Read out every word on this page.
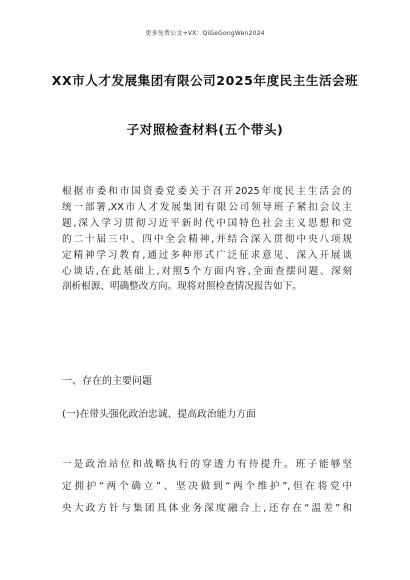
更多免费公文+VX：QiGeGongWen2024
XX市人才发展集团有限公司2025年度民主生活会班
子对照检查材料(五个带头)
根据市委和市国资委党委关于召开2025年度民主生活会的
统一部署,XX市人才发展集团有限公司领导班子紧扣会议主
题,深入学习贯彻习近平新时代中国特色社会主义思想和党
的二十届三中、四中全会精神,并结合深入贯彻中央八项规
定精神学习教育,通过多种形式广泛征求意见、深入开展谈
心谈话,在此基础上,对照5个方面内容,全面查摆问题、深刻
剖析根源、明确整改方向。现将对照检查情况报告如下。
一、存在的主要问题
(一)在带头强化政治忠诚、提高政治能力方面
一是政治站位和战略执行的穿透力有待提升。班子能够坚
定拥护“两个确立”、坚决做到“两个维护”,但在将党中
央大政方针与集团具体业务深度融合上,还存在“温差”和
